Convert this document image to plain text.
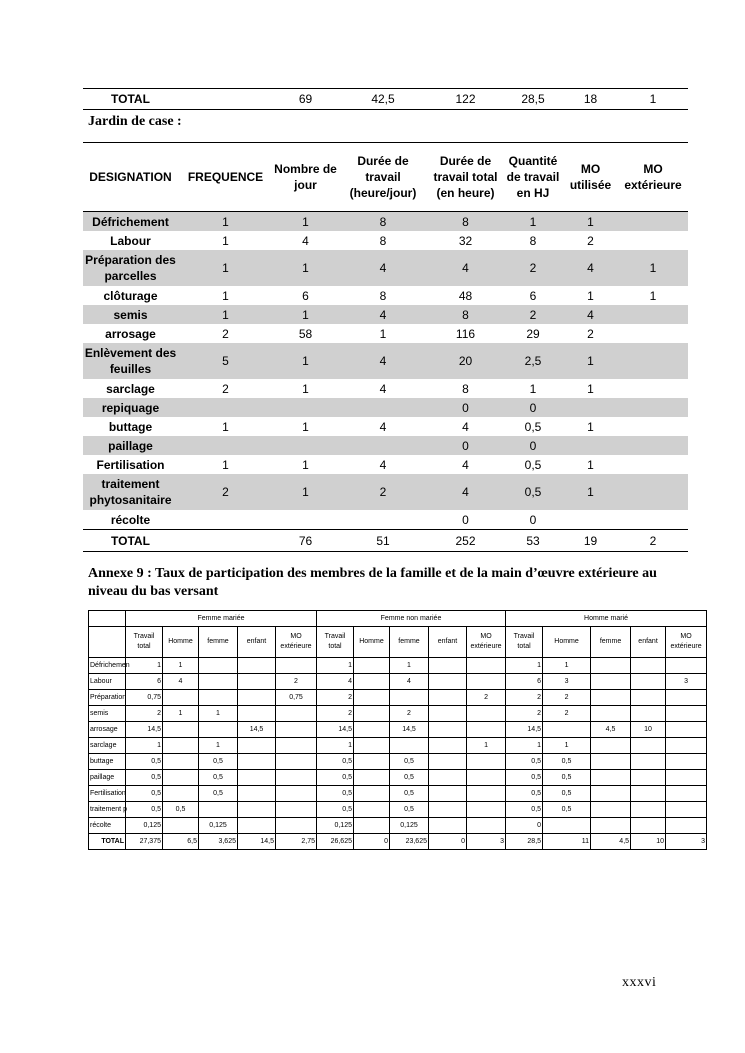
TOTAL		69	42,5	122	28,5	18	1
Jardin de case :
DESIGNATION	FREQUENCE	Nombre de jour	Durée de travail (heure/jour)	Durée de travail total (en heure)	Quantité de travail en HJ	MO utilisée	MO extérieure
Défrichement	1	1	8	8	1	1	
Labour	1	4	8	32	8	2	
Préparation des parcelles	1	1	4	4	2	4	1
clôturage	1	6	8	48	6	1	1
semis	1	1	4	8	2	4	
arrosage	2	58	1	116	29	2	
Enlèvement des feuilles	5	1	4	20	2,5	1	
sarclage	2	1	4	8	1	1	
repiquage				0	0		
buttage	1	1	4	4	0,5	1	
paillage				0	0		
Fertilisation	1	1	4	4	0,5	1	
traitement phytosanitaire	2	1	2	4	0,5	1	
récolte				0	0		
TOTAL		76	51	252	53	19	2
Annexe 9 : Taux de participation des membres de la famille et de la main d’œuvre extérieure au niveau du bas versant
	Femme mariée					Femme non mariée					Homme marié				
	Travail total	Homme	femme	enfant	MO extérieure	Travail total	Homme	femme	enfant	MO extérieure	Travail total	Homme	femme	enfant	MO extérieure
Défrichemen	1	1				1		1			1	1			
Labour	6	4			2	4		4			6	3			3
Préparation	0,75				0,75	2				2	2	2			
semis	2	1	1			2		2			2	2			
arrosage	14,5			14,5		14,5		14,5			14,5		4,5	10	
sarclage	1		1			1				1	1	1			
buttage	0,5		0,5			0,5		0,5			0,5	0,5			
paillage	0,5		0,5			0,5		0,5			0,5	0,5			
Fertilisation	0,5		0,5			0,5		0,5			0,5	0,5			
traitement p	0,5	0,5				0,5		0,5			0,5	0,5			
récolte	0,125		0,125			0,125		0,125			0				
TOTAL	27,375	6,5	3,625	14,5	2,75	26,625	0	23,625	0	3	28,5	11	4,5	10	3
xxxvi
